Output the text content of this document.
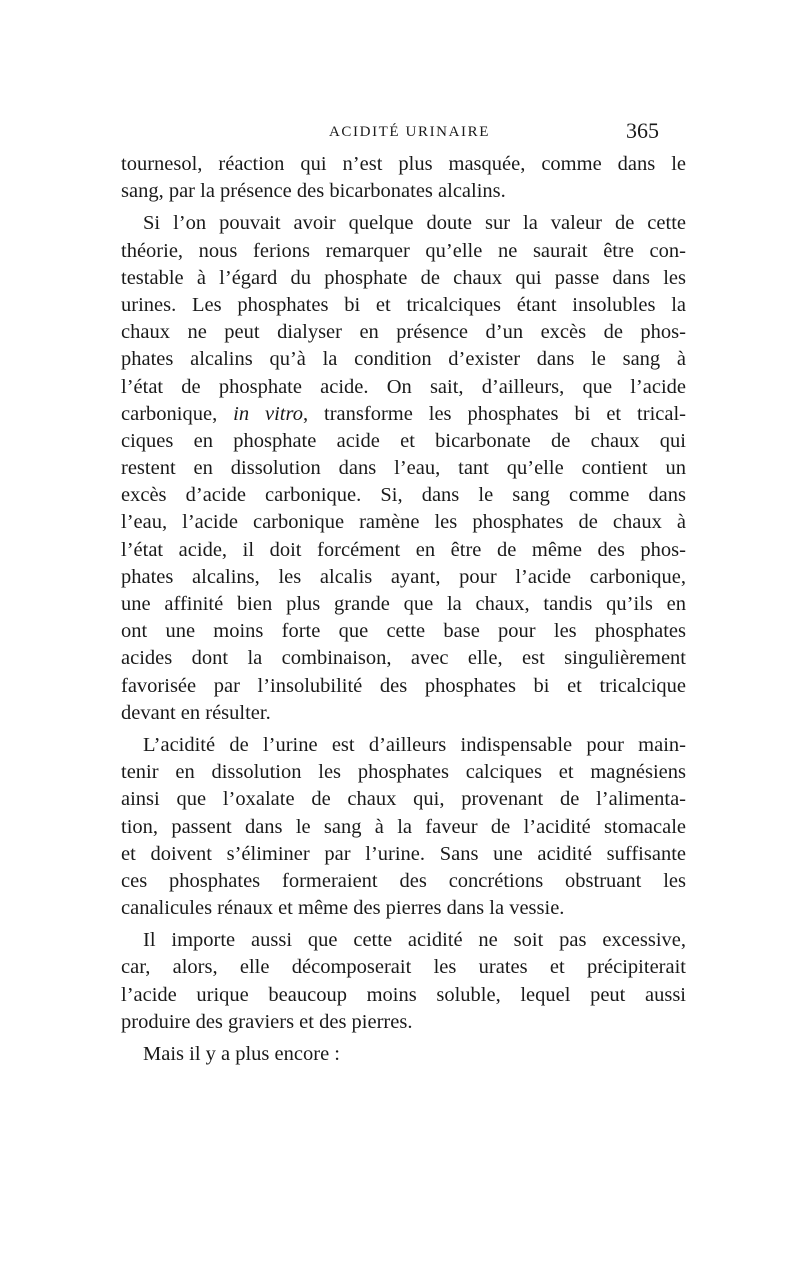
ACIDITÉ URINAIRE	365
tournesol, réaction qui n’est plus masquée, comme dans le
sang, par la présence des bicarbonates alcalins.
Si l’on pouvait avoir quelque doute sur la valeur de cette
théorie, nous ferions remarquer qu’elle ne saurait être con-
testable à l’égard du phosphate de chaux qui passe dans les
urines. Les phosphates bi et tricalciques étant insolubles la
chaux ne peut dialyser en présence d’un excès de phos-
phates alcalins qu’à la condition d’exister dans le sang à
l’état de phosphate acide. On sait, d’ailleurs, que l’acide
carbonique, in vitro, transforme les phosphates bi et trical-
ciques en phosphate acide et bicarbonate de chaux qui
restent en dissolution dans l’eau, tant qu’elle contient un
excès d’acide carbonique. Si, dans le sang comme dans
l’eau, l’acide carbonique ramène les phosphates de chaux à
l’état acide, il doit forcément en être de même des phos-
phates alcalins, les alcalis ayant, pour l’acide carbonique,
une affinité bien plus grande que la chaux, tandis qu’ils en
ont une moins forte que cette base pour les phosphates
acides dont la combinaison, avec elle, est singulièrement
favorisée par l’insolubilité des phosphates bi et tricalcique
devant en résulter.
L’acidité de l’urine est d’ailleurs indispensable pour main-
tenir en dissolution les phosphates calciques et magnésiens
ainsi que l’oxalate de chaux qui, provenant de l’alimenta-
tion, passent dans le sang à la faveur de l’acidité stomacale
et doivent s’éliminer par l’urine. Sans une acidité suffisante
ces phosphates formeraient des concrétions obstruant les
canalicules rénaux et même des pierres dans la vessie.
Il importe aussi que cette acidité ne soit pas excessive,
car, alors, elle décomposerait les urates et précipiterait
l’acide urique beaucoup moins soluble, lequel peut aussi
produire des graviers et des pierres.
Mais il y a plus encore :
